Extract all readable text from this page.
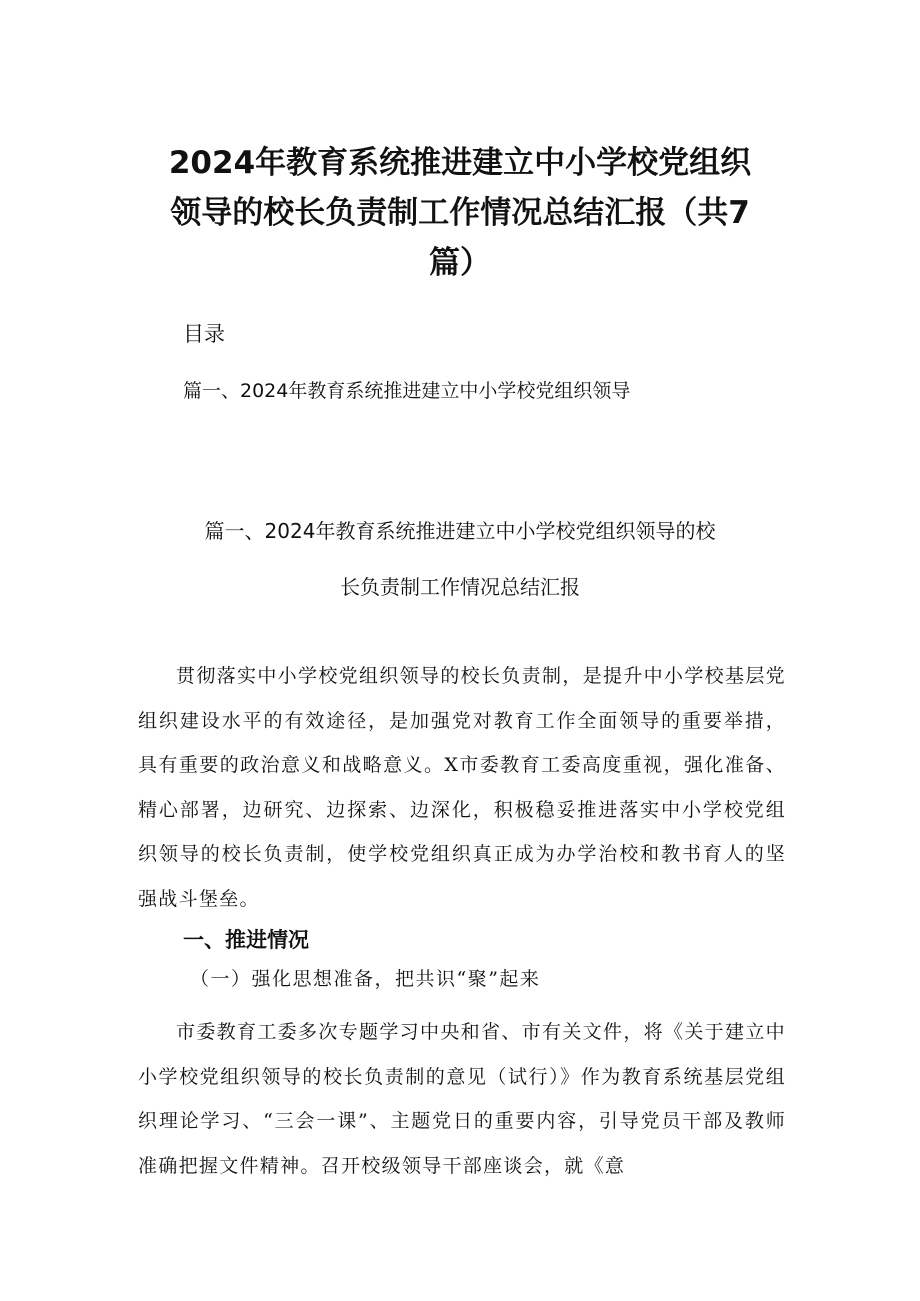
2024年教育系统推进建立中小学校党组织
领导的校长负责制工作情况总结汇报（共7
篇）
目录
篇一、2024年教育系统推进建立中小学校党组织领导
篇一、2024年教育系统推进建立中小学校党组织领导的校
长负责制工作情况总结汇报

贯彻落实中小学校党组织领导的校长负责制，是提升中小学校基层党组织建设水平的有效途径，是加强党对教育工作全面领导的重要举措，具有重要的政治意义和战略意义。X市委教育工委高度重视，强化准备、精心部署，边研究、边探索、边深化，积极稳妥推进落实中小学校党组织领导的校长负责制，使学校党组织真正成为办学治校和教书育人的坚强战斗堡垒。

一、推进情况
（一）强化思想准备，把共识“聚”起来

市委教育工委多次专题学习中央和省、市有关文件，将《关于建立中小学校党组织领导的校长负责制的意见（试行）》作为教育系统基层党组织理论学习、“三会一课”、主题党日的重要内容，引导党员干部及教师准确把握文件精神。召开校级领导干部座谈会，就《意
